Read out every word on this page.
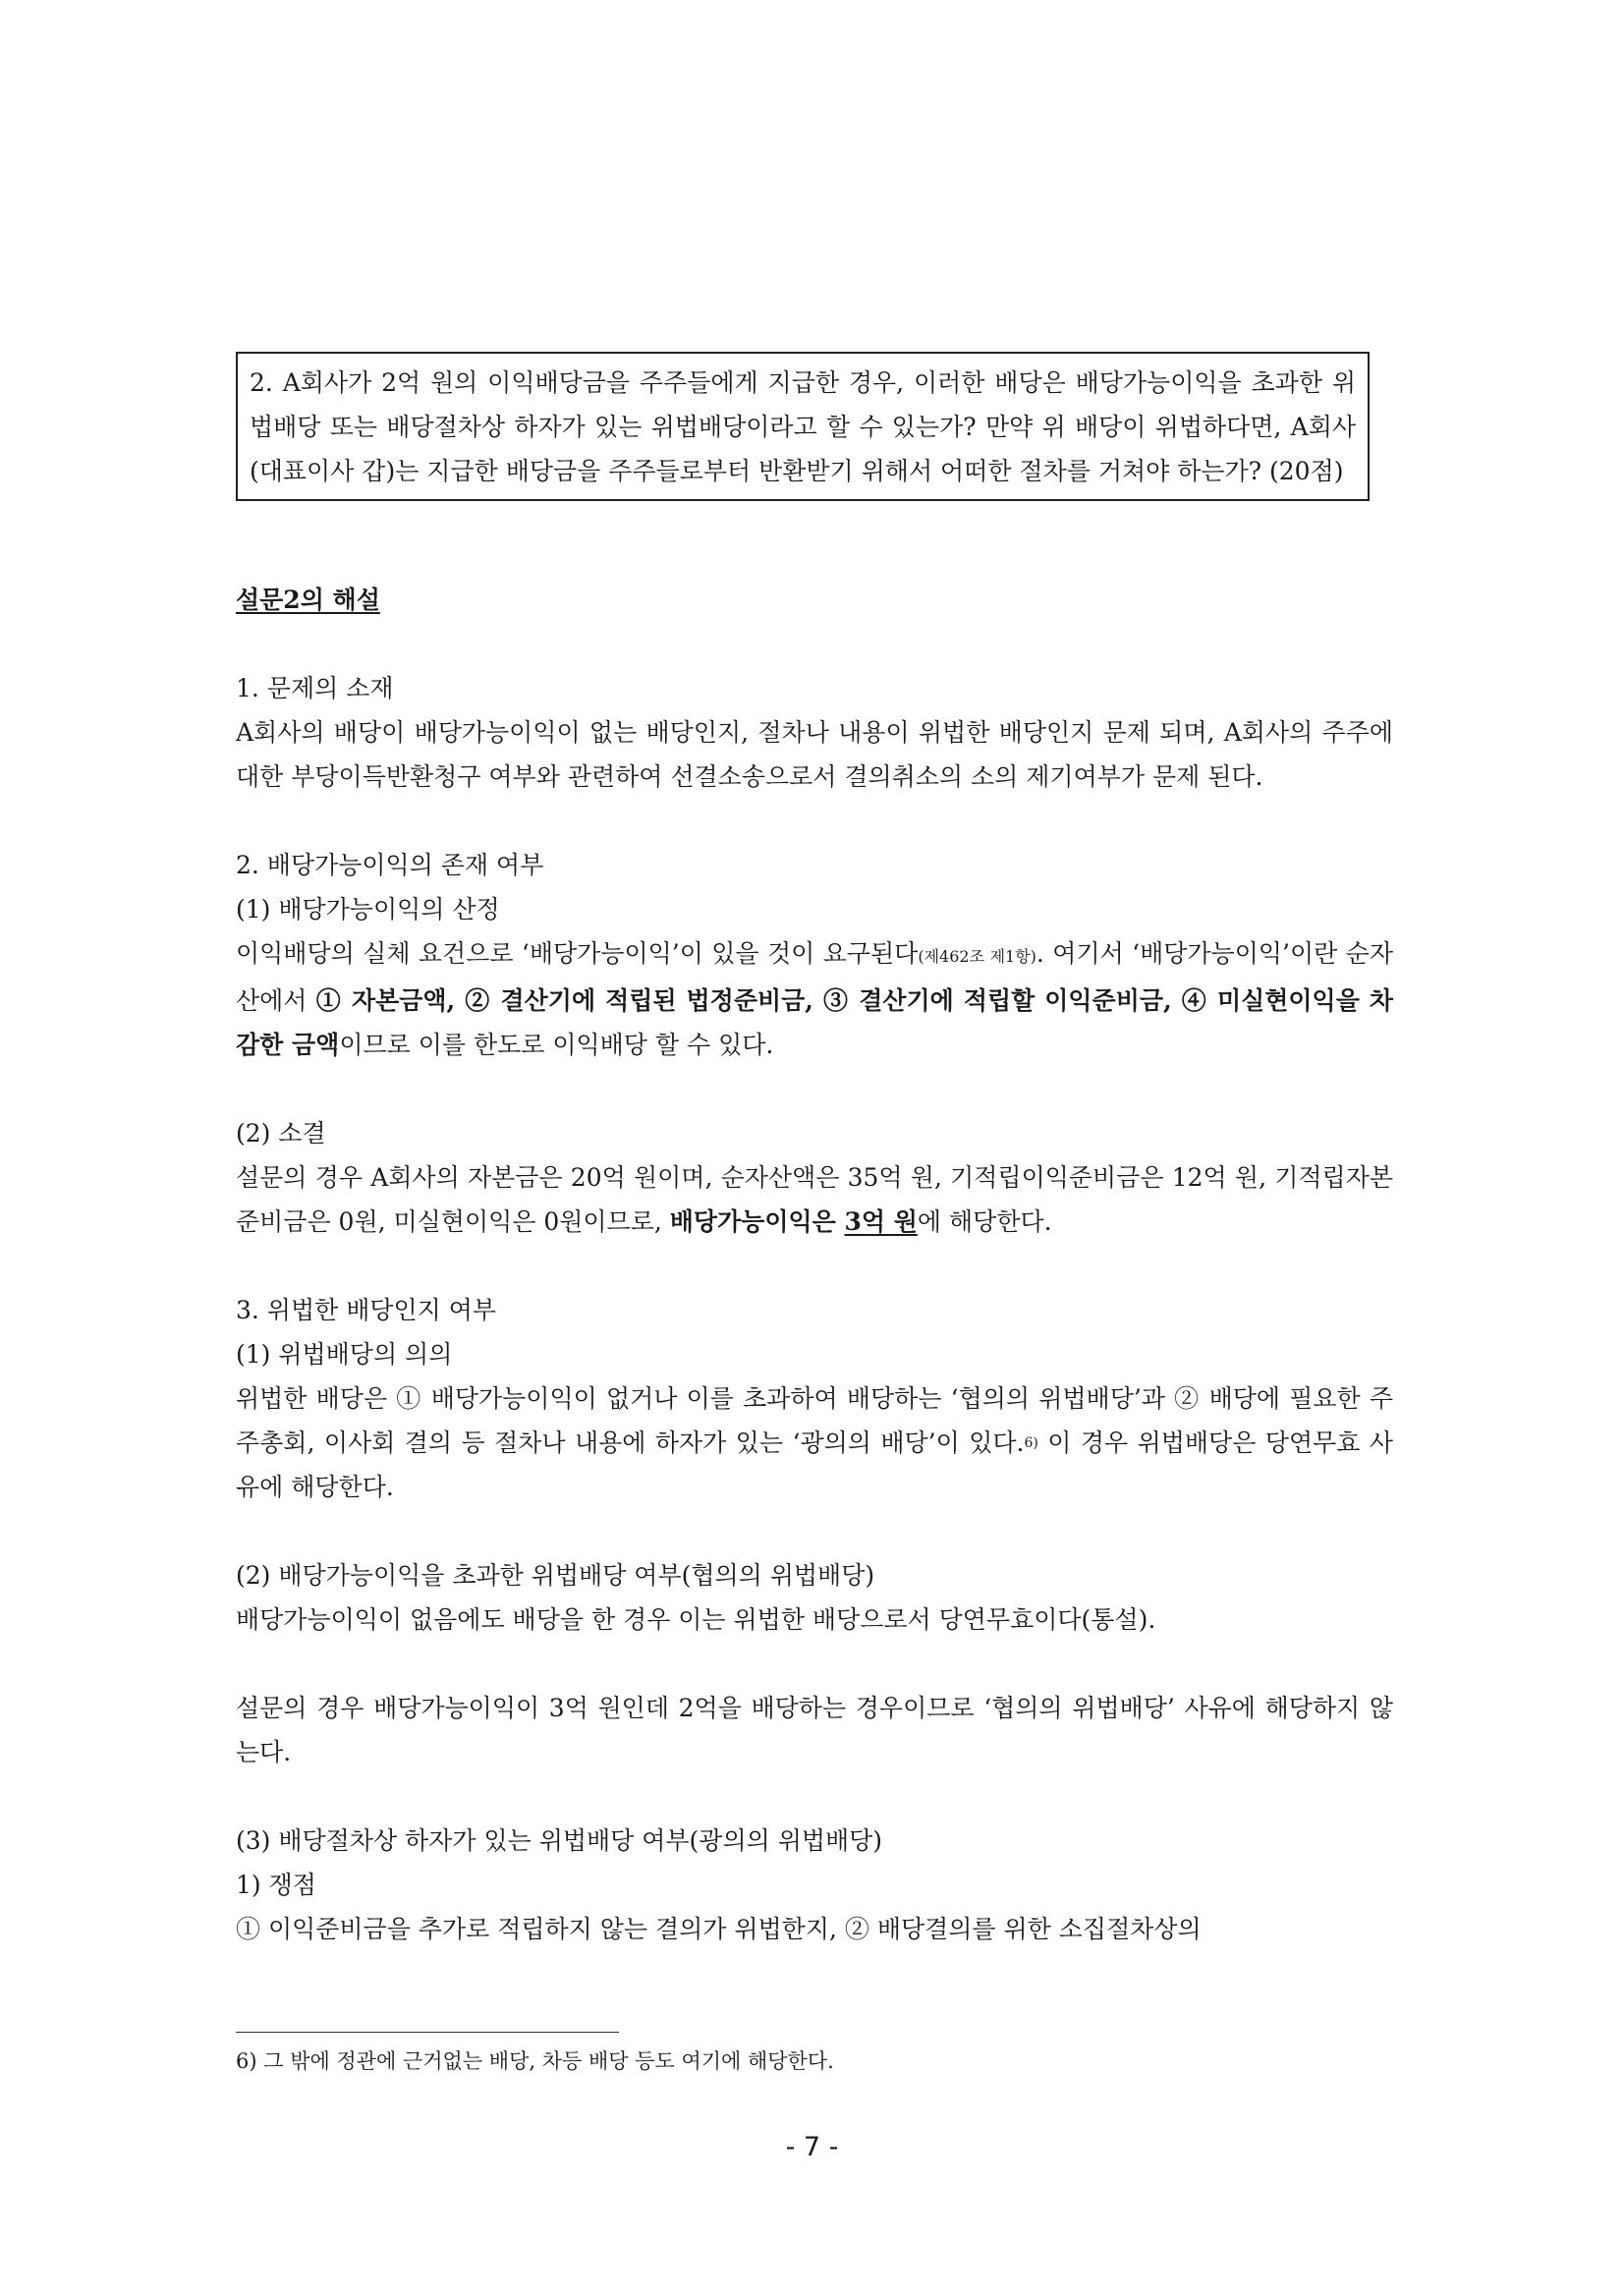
2. A회사가 2억 원의 이익배당금을 주주들에게 지급한 경우, 이러한 배당은 배당가능이익을 초과한 위법배당 또는 배당절차상 하자가 있는 위법배당이라고 할 수 있는가? 만약 위 배당이 위법하다면, A회사(대표이사 갑)는 지급한 배당금을 주주들로부터 반환받기 위해서 어떠한 절차를 거쳐야 하는가? (20점)

설문2의 해설

1. 문제의 소재

A회사의 배당이 배당가능이익이 없는 배당인지, 절차나 내용이 위법한 배당인지 문제 되며, A회사의 주주에 대한 부당이득반환청구 여부와 관련하여 선결소송으로서 결의취소의 소의 제기여부가 문제 된다.

2. 배당가능이익의 존재 여부

(1) 배당가능이익의 산정

이익배당의 실체 요건으로 ‘배당가능이익’이 있을 것이 요구된다(제462조 제1항). 여기서 ‘배당가능이익’이란 순자산에서 ① 자본금액, ② 결산기에 적립된 법정준비금, ③ 결산기에 적립할 이익준비금, ④ 미실현이익을 차감한 금액이므로 이를 한도로 이익배당 할 수 있다.

(2) 소결

설문의 경우 A회사의 자본금은 20억 원이며, 순자산액은 35억 원, 기적립이익준비금은 12억 원, 기적립자본준비금은 0원, 미실현이익은 0원이므로, 배당가능이익은 3억 원에 해당한다.

3. 위법한 배당인지 여부

(1) 위법배당의 의의

위법한 배당은 ① 배당가능이익이 없거나 이를 초과하여 배당하는 ‘협의의 위법배당’과 ② 배당에 필요한 주주총회, 이사회 결의 등 절차나 내용에 하자가 있는 ‘광의의 배당’이 있다.$^{6)}$ 이 경우 위법배당은 당연무효 사유에 해당한다.

(2) 배당가능이익을 초과한 위법배당 여부(협의의 위법배당)

배당가능이익이 없음에도 배당을 한 경우 이는 위법한 배당으로서 당연무효이다(통설).

설문의 경우 배당가능이익이 3억 원인데 2억을 배당하는 경우이므로 ‘협의의 위법배당’ 사유에 해당하지 않는다.

(3) 배당절차상 하자가 있는 위법배당 여부(광의의 위법배당)

1) 쟁점

① 이익준비금을 추가로 적립하지 않는 결의가 위법한지, ② 배당결의를 위한 소집절차상의

6) 그 밖에 정관에 근거없는 배당, 차등 배당 등도 여기에 해당한다.
- 7 -
